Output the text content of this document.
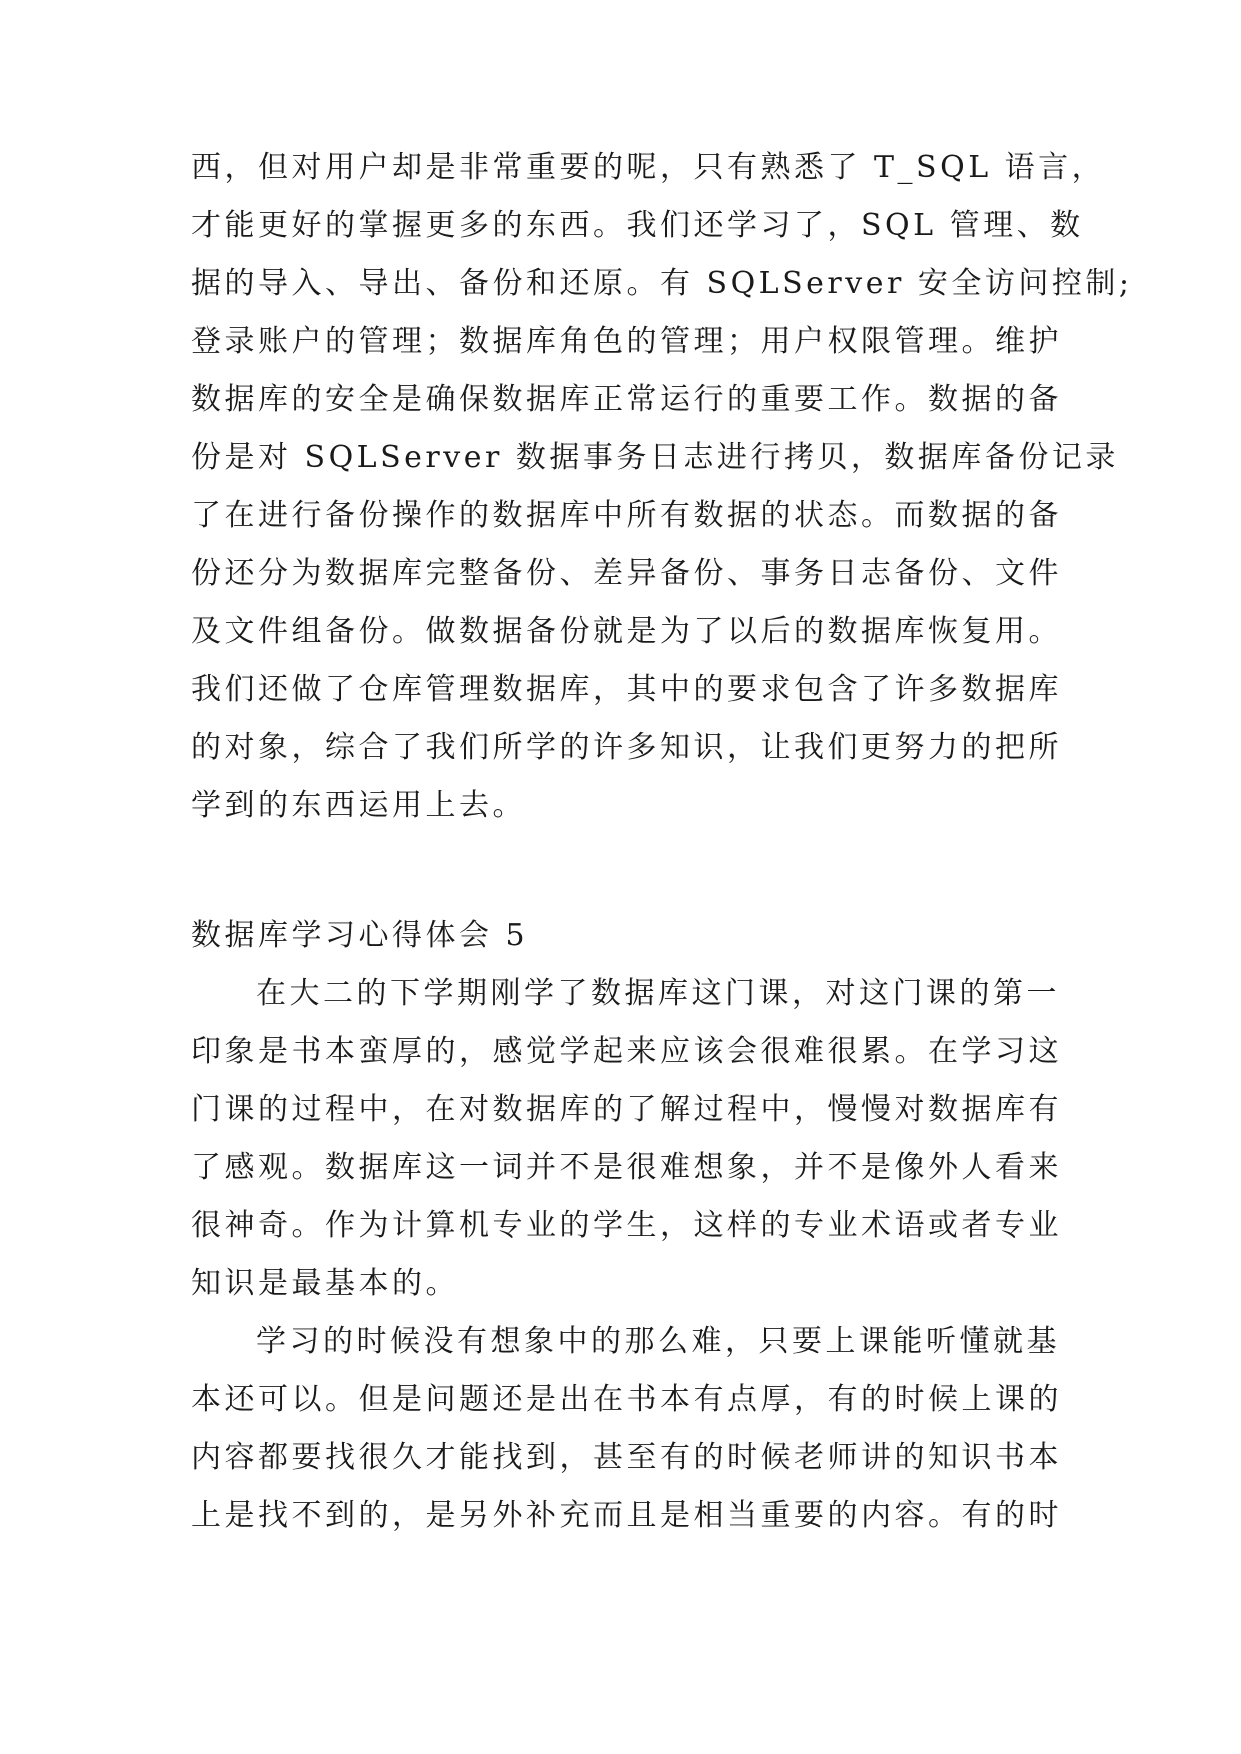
西，但对用户却是非常重要的呢，只有熟悉了 T_SQL 语言，
才能更好的掌握更多的东西。我们还学习了，SQL 管理、数
据的导入、导出、备份和还原。有 SQLServer 安全访问控制;
登录账户的管理；数据库角色的管理；用户权限管理。维护
数据库的安全是确保数据库正常运行的重要工作。数据的备
份是对 SQLServer 数据事务日志进行拷贝，数据库备份记录
了在进行备份操作的数据库中所有数据的状态。而数据的备
份还分为数据库完整备份、差异备份、事务日志备份、文件
及文件组备份。做数据备份就是为了以后的数据库恢复用。
我们还做了仓库管理数据库，其中的要求包含了许多数据库
的对象，综合了我们所学的许多知识，让我们更努力的把所
学到的东西运用上去。
数据库学习心得体会 5
在大二的下学期刚学了数据库这门课，对这门课的第一
印象是书本蛮厚的，感觉学起来应该会很难很累。在学习这
门课的过程中，在对数据库的了解过程中，慢慢对数据库有
了感观。数据库这一词并不是很难想象，并不是像外人看来
很神奇。作为计算机专业的学生，这样的专业术语或者专业
知识是最基本的。
学习的时候没有想象中的那么难，只要上课能听懂就基
本还可以。但是问题还是出在书本有点厚，有的时候上课的
内容都要找很久才能找到，甚至有的时候老师讲的知识书本
上是找不到的，是另外补充而且是相当重要的内容。有的时
